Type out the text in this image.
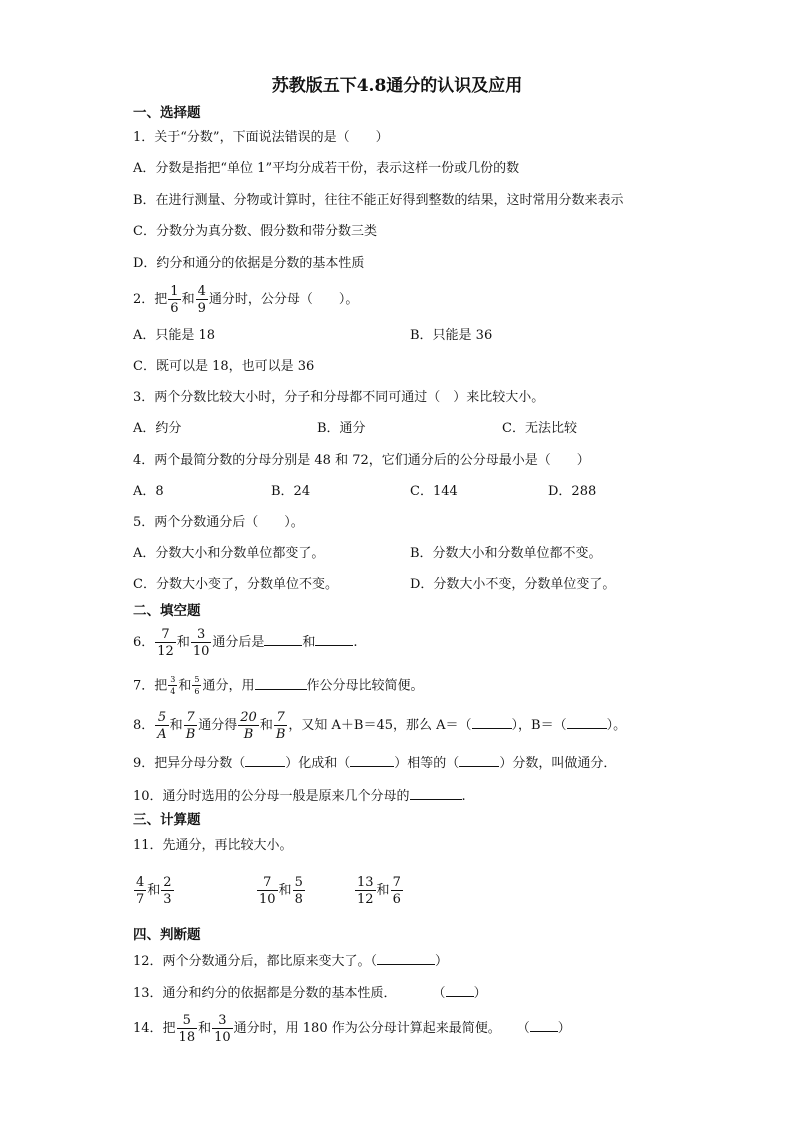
苏教版五下4.8通分的认识及应用
一、选择题
1．关于“分数”，下面说法错误的是（　　）
A．分数是指把“单位 1”平均分成若干份，表示这样一份或几份的数
B．在进行测量、分物或计算时，往往不能正好得到整数的结果，这时常用分数来表示
C．分数分为真分数、假分数和带分数三类
D．约分和通分的依据是分数的基本性质
2．把 $\frac{1}{6}$ 和 $\frac{4}{9}$ 通分时，公分母（　　）。
A．只能是 18	B．只能是 36
C．既可以是 18，也可以是 36
3．两个分数比较大小时，分子和分母都不同可通过（　）来比较大小。
A．约分	B．通分	C．无法比较
4．两个最简分数的分母分别是 48 和 72，它们通分后的公分母最小是（　　）
A．8	B．24	C．144	D．288
5．两个分数通分后（　　）。
A．分数大小和分数单位都变了。	B．分数大小和分数单位都不变。
C．分数大小变了，分数单位不变。	D．分数大小不变，分数单位变了。
二、填空题
6． $\frac{7}{12}$ 和 $\frac{3}{10}$ 通分后是	和	.
7．把 $\frac{3}{4}$ 和 $\frac{5}{6}$ 通分，用	作公分母比较简便。
8． $\frac{5}{A}$ 和 $\frac{7}{B}$ 通分得 $\frac{20}{B}$ 和 $\frac{7}{B}$ ，又知 A＋B＝45，那么 A＝（	），B＝（	）。
9．把异分母分数（	）化成和（	）相等的（	）分数，叫做通分．
10．通分时选用的公分母一般是原来几个分母的	.
三、计算题
11．先通分，再比较大小。
$\frac{4}{7}$ 和 $\frac{2}{3}$	$\frac{7}{10}$ 和 $\frac{5}{8}$	$\frac{13}{12}$ 和 $\frac{7}{6}$
四、判断题
12．两个分数通分后，都比原来变大了。（	）
13．通分和约分的依据都是分数的基本性质．	（ ）
14．把 $\frac{5}{18}$ 和 $\frac{3}{10}$ 通分时，用 180 作为公分母计算起来最简便。 （ ）
